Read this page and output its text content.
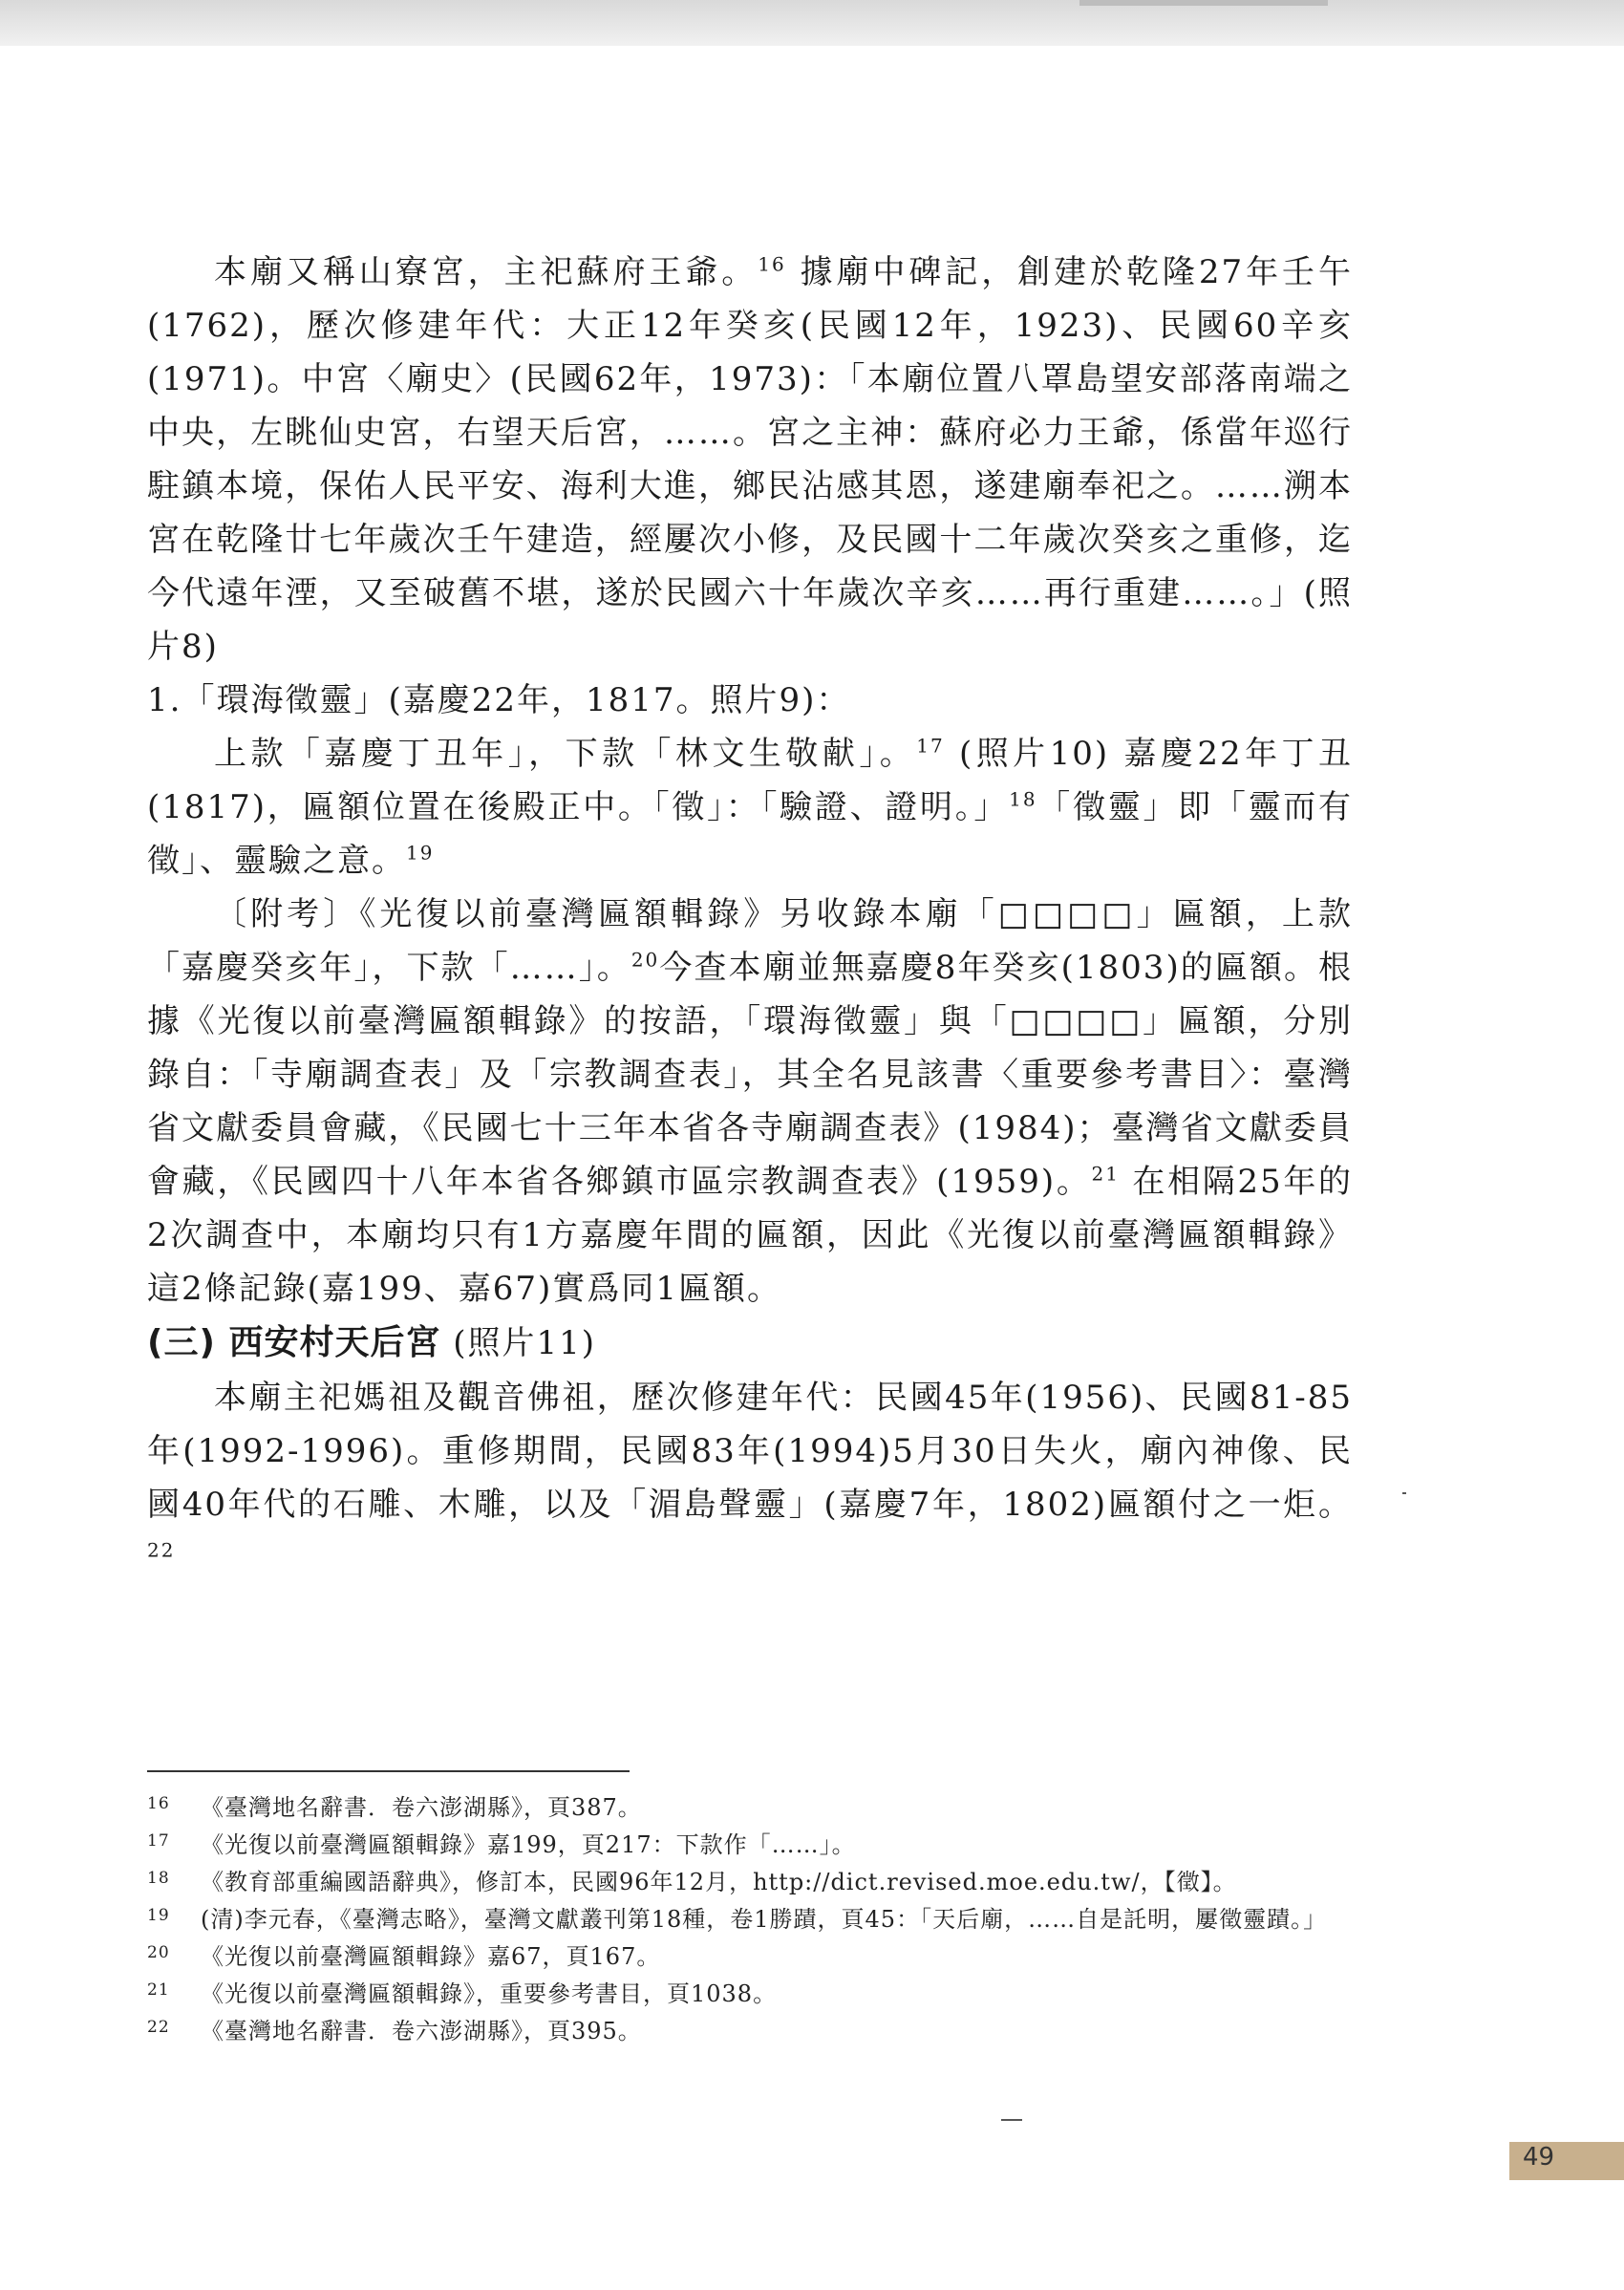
本廟又稱山寮宮，主祀蘇府王爺。$^{16}$ 據廟中碑記，創建於乾隆27年壬午(1762)，歷次修建年代：大正12年癸亥(民國12年，1923)、民國60辛亥(1971)。中宮〈廟史〉(民國62年，1973)：「本廟位置八罩島望安部落南端之中央，左眺仙史宮，右望天后宮，……。宮之主神：蘇府必力王爺，係當年巡行駐鎮本境，保佑人民平安、海利大進，鄉民沾感其恩，遂建廟奉祀之。……溯本宮在乾隆廿七年歲次壬午建造，經屢次小修，及民國十二年歲次癸亥之重修，迄今代遠年湮，又至破舊不堪，遂於民國六十年歲次辛亥……再行重建……。」(照片8)

1.「環海徵靈」(嘉慶22年，1817。照片9)：

上款「嘉慶丁丑年」，下款「林文生敬献」。$^{17}$ (照片10) 嘉慶22年丁丑(1817)，匾額位置在後殿正中。「徵」：「驗證、證明。」$^{18}$「徵靈」即「靈而有徵」、靈驗之意。$^{19}$

〔附考〕《光復以前臺灣匾額輯錄》另收錄本廟「□□□□」匾額，上款「嘉慶癸亥年」，下款「……」。$^{20}$今查本廟並無嘉慶8年癸亥(1803)的匾額。根據《光復以前臺灣匾額輯錄》的按語，「環海徵靈」與「□□□□」匾額，分別錄自：「寺廟調查表」及「宗教調查表」，其全名見該書〈重要參考書目〉：臺灣省文獻委員會藏，《民國七十三年本省各寺廟調查表》(1984)；臺灣省文獻委員會藏，《民國四十八年本省各鄉鎮市區宗教調查表》(1959)。$^{21}$ 在相隔25年的2次調查中，本廟均只有1方嘉慶年間的匾額，因此《光復以前臺灣匾額輯錄》這2條記錄(嘉199、嘉67)實爲同1匾額。

(三) 西安村天后宮 (照片11)

本廟主祀媽祖及觀音佛祖，歷次修建年代：民國45年(1956)、民國81-85年(1992-1996)。重修期間，民國83年(1994)5月30日失火，廟內神像、民國40年代的石雕、木雕，以及「湄島聲靈」(嘉慶7年，1802)匾額付之一炬。$^{22}$

16	《臺灣地名辭書．卷六澎湖縣》，頁387。
17	《光復以前臺灣匾額輯錄》嘉199，頁217：下款作「……」。
18	《教育部重編國語辭典》，修訂本，民國96年12月，http://dict.revised.moe.edu.tw/，【徵】。
19	(清)李元春，《臺灣志略》，臺灣文獻叢刊第18種，卷1勝蹟，頁45：「天后廟，……自是託明，屢徵靈蹟。」
20	《光復以前臺灣匾額輯錄》嘉67，頁167。
21	《光復以前臺灣匾額輯錄》，重要參考書目，頁1038。
22	《臺灣地名辭書．卷六澎湖縣》，頁395。
49
